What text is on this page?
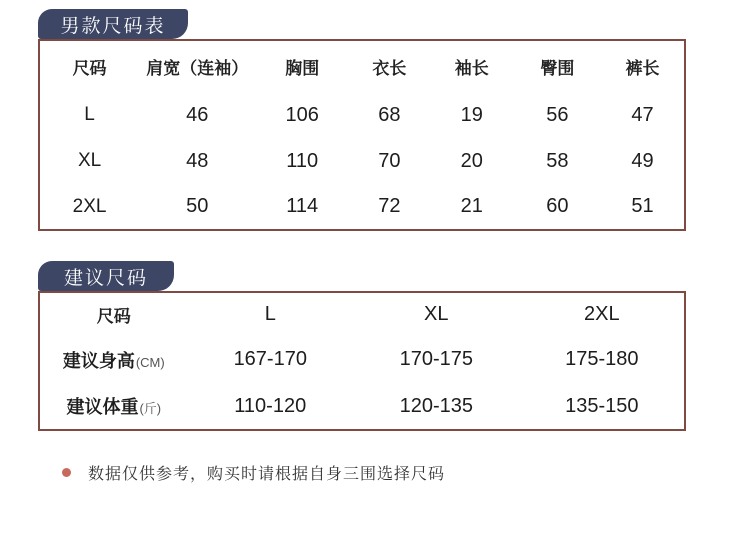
男款尺码表
尺码	肩宽（连袖）	胸围	衣长	袖长	臀围	裤长
L	46	106	68	19	56	47
XL	48	110	70	20	58	49
2XL	50	114	72	21	60	51
建议尺码
尺码	L	XL	2XL
建议身高(CM)	167-170	170-175	175-180
建议体重(斤)	110-120	120-135	135-150
数据仅供参考，购买时请根据自身三围选择尺码
